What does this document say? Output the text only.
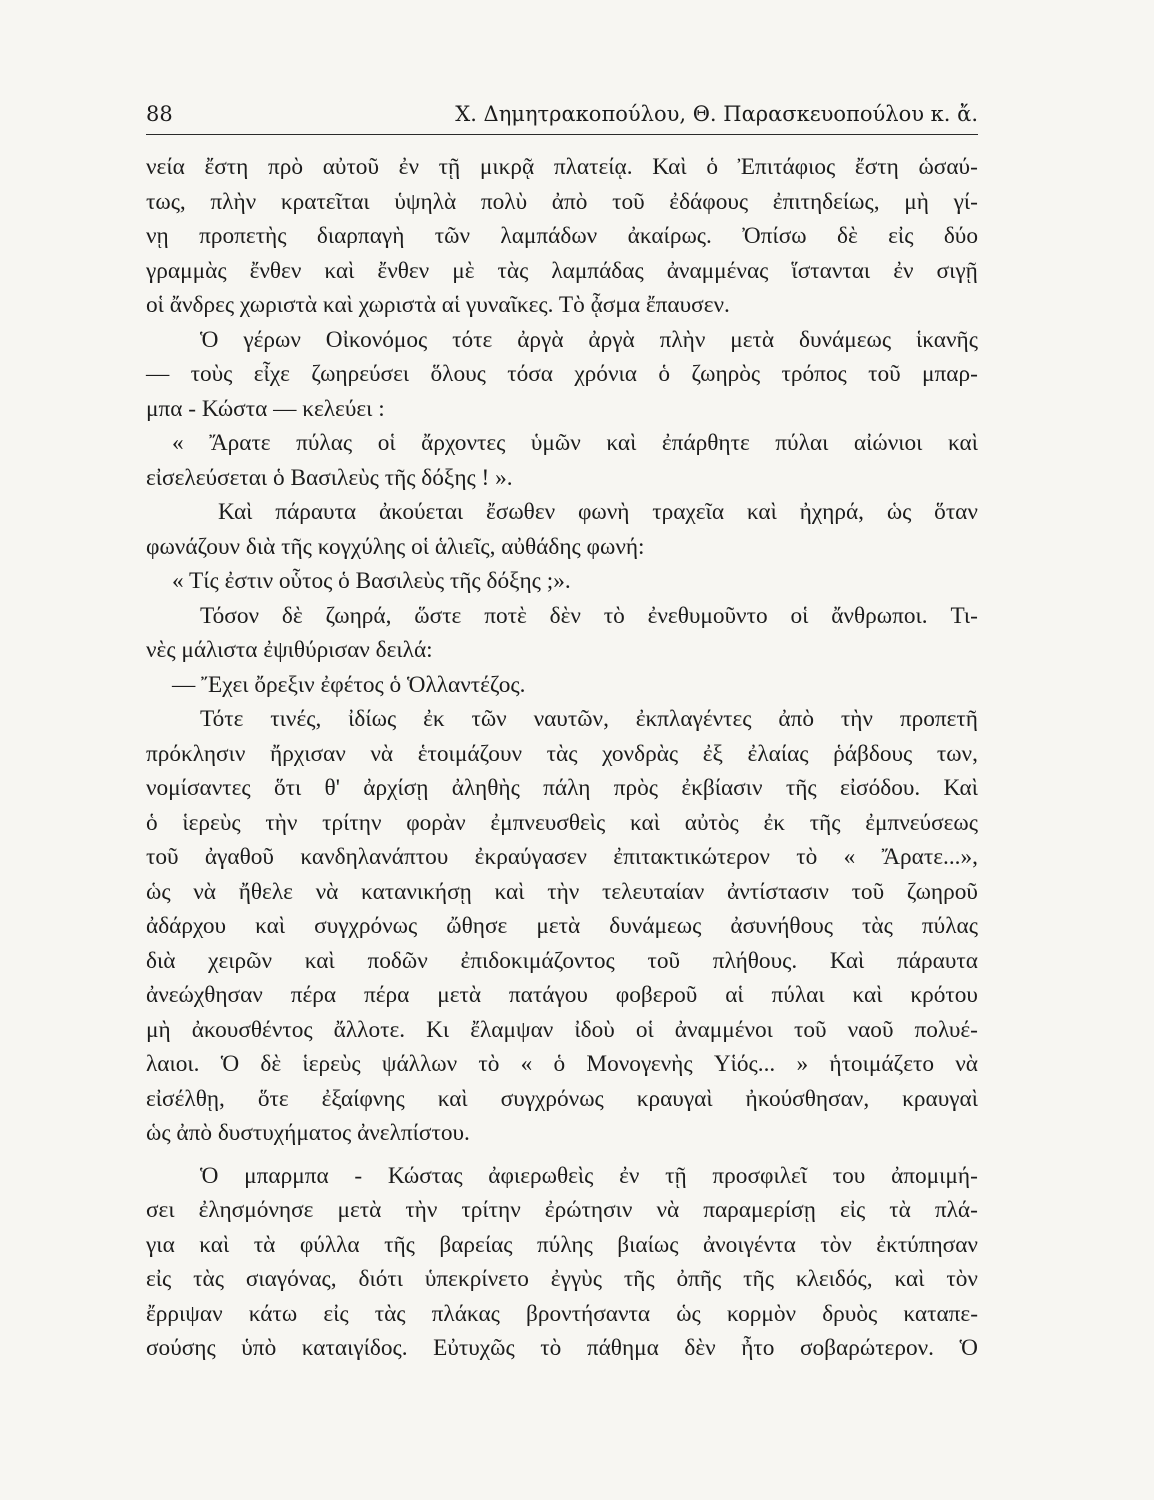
88	Χ. Δημητρακοπούλου, Θ. Παρασκευοπούλου κ. ἄ.
νεία ἔστη πρὸ αὐτοῦ ἐν τῇ μικρᾷ πλατείᾳ. Καὶ ὁ Ἐπιτάφιος ἔστη ὡσαύ-
τως, πλὴν κρατεῖται ὑψηλὰ πολὺ ἀπὸ τοῦ ἐδάφους ἐπιτηδείως, μὴ γί-
νῃ προπετὴς διαρπαγὴ τῶν λαμπάδων ἀκαίρως. Ὀπίσω δὲ εἰς δύο
γραμμὰς ἔνθεν καὶ ἔνθεν μὲ τὰς λαμπάδας ἀναμμένας ἵστανται ἐν σιγῇ
οἱ ἄνδρες χωριστὰ καὶ χωριστὰ αἱ γυναῖκες. Τὸ ᾆσμα ἔπαυσεν.
Ὁ γέρων Οἰκονόμος τότε ἀργὰ ἀργὰ πλὴν μετὰ δυνάμεως ἱκανῆς
— τοὺς εἶχε ζωηρεύσει ὅλους τόσα χρόνια ὁ ζωηρὸς τρόπος τοῦ μπαρ-
μπα - Κώστα — κελεύει :
« Ἄρατε πύλας οἱ ἄρχοντες ὑμῶν καὶ ἐπάρθητε πύλαι αἰώνιοι καὶ
εἰσελεύσεται ὁ Βασιλεὺς τῆς δόξης ! ».
Καὶ πάραυτα ἀκούεται ἔσωθεν φωνὴ τραχεῖα καὶ ἠχηρά, ὡς ὅταν
φωνάζουν διὰ τῆς κογχύλης οἱ ἁλιεῖς, αὐθάδης φωνή:
« Τίς ἐστιν οὗτος ὁ Βασιλεὺς τῆς δόξης ;».
Τόσον δὲ ζωηρά, ὥστε ποτὲ δὲν τὸ ἐνεθυμοῦντο οἱ ἄνθρωποι. Τι-
νὲς μάλιστα ἐψιθύρισαν δειλά:
— Ἔχει ὄρεξιν ἐφέτος ὁ Ὁλλαντέζος.
Τότε τινές, ἰδίως ἐκ τῶν ναυτῶν, ἐκπλαγέντες ἀπὸ τὴν προπετῆ
πρόκλησιν ἤρχισαν νὰ ἑτοιμάζουν τὰς χονδρὰς ἐξ ἐλαίας ῥάβδους των,
νομίσαντες ὅτι θ' ἀρχίσῃ ἀληθὴς πάλη πρὸς ἐκβίασιν τῆς εἰσόδου. Καὶ
ὁ ἱερεὺς τὴν τρίτην φορὰν ἐμπνευσθεὶς καὶ αὐτὸς ἐκ τῆς ἐμπνεύσεως
τοῦ ἀγαθοῦ κανδηλανάπτου ἐκραύγασεν ἐπιτακτικώτερον τὸ « Ἄρατε...»,
ὡς νὰ ἤθελε νὰ κατανικήσῃ καὶ τὴν τελευταίαν ἀντίστασιν τοῦ ζωηροῦ
ἀδάρχου καὶ συγχρόνως ὤθησε μετὰ δυνάμεως ἀσυνήθους τὰς πύλας
διὰ χειρῶν καὶ ποδῶν ἐπιδοκιμάζοντος τοῦ πλήθους. Καὶ πάραυτα
ἀνεώχθησαν πέρα πέρα μετὰ πατάγου φοβεροῦ αἱ πύλαι καὶ κρότου
μὴ ἀκουσθέντος ἄλλοτε. Κι ἔλαμψαν ἰδοὺ οἱ ἀναμμένοι τοῦ ναοῦ πολυέ-
λαιοι. Ὁ δὲ ἱερεὺς ψάλλων τὸ « ὁ Μονογενὴς Υἱός... » ἡτοιμάζετο νὰ
εἰσέλθῃ, ὅτε ἐξαίφνης καὶ συγχρόνως κραυγαὶ ἠκούσθησαν, κραυγαὶ
ὡς ἀπὸ δυστυχήματος ἀνελπίστου.
Ὁ μπαρμπα - Κώστας ἀφιερωθεὶς ἐν τῇ προσφιλεῖ του ἀπομιμή-
σει ἐλησμόνησε μετὰ τὴν τρίτην ἐρώτησιν νὰ παραμερίσῃ εἰς τὰ πλά-
για καὶ τὰ φύλλα τῆς βαρείας πύλης βιαίως ἀνοιγέντα τὸν ἐκτύπησαν
εἰς τὰς σιαγόνας, διότι ὑπεκρίνετο ἐγγὺς τῆς ὀπῆς τῆς κλειδός, καὶ τὸν
ἔρριψαν κάτω εἰς τὰς πλάκας βροντήσαντα ὡς κορμὸν δρυὸς καταπε-
σούσης ὑπὸ καταιγίδος. Εὐτυχῶς τὸ πάθημα δὲν ἦτο σοβαρώτερον. Ὁ
